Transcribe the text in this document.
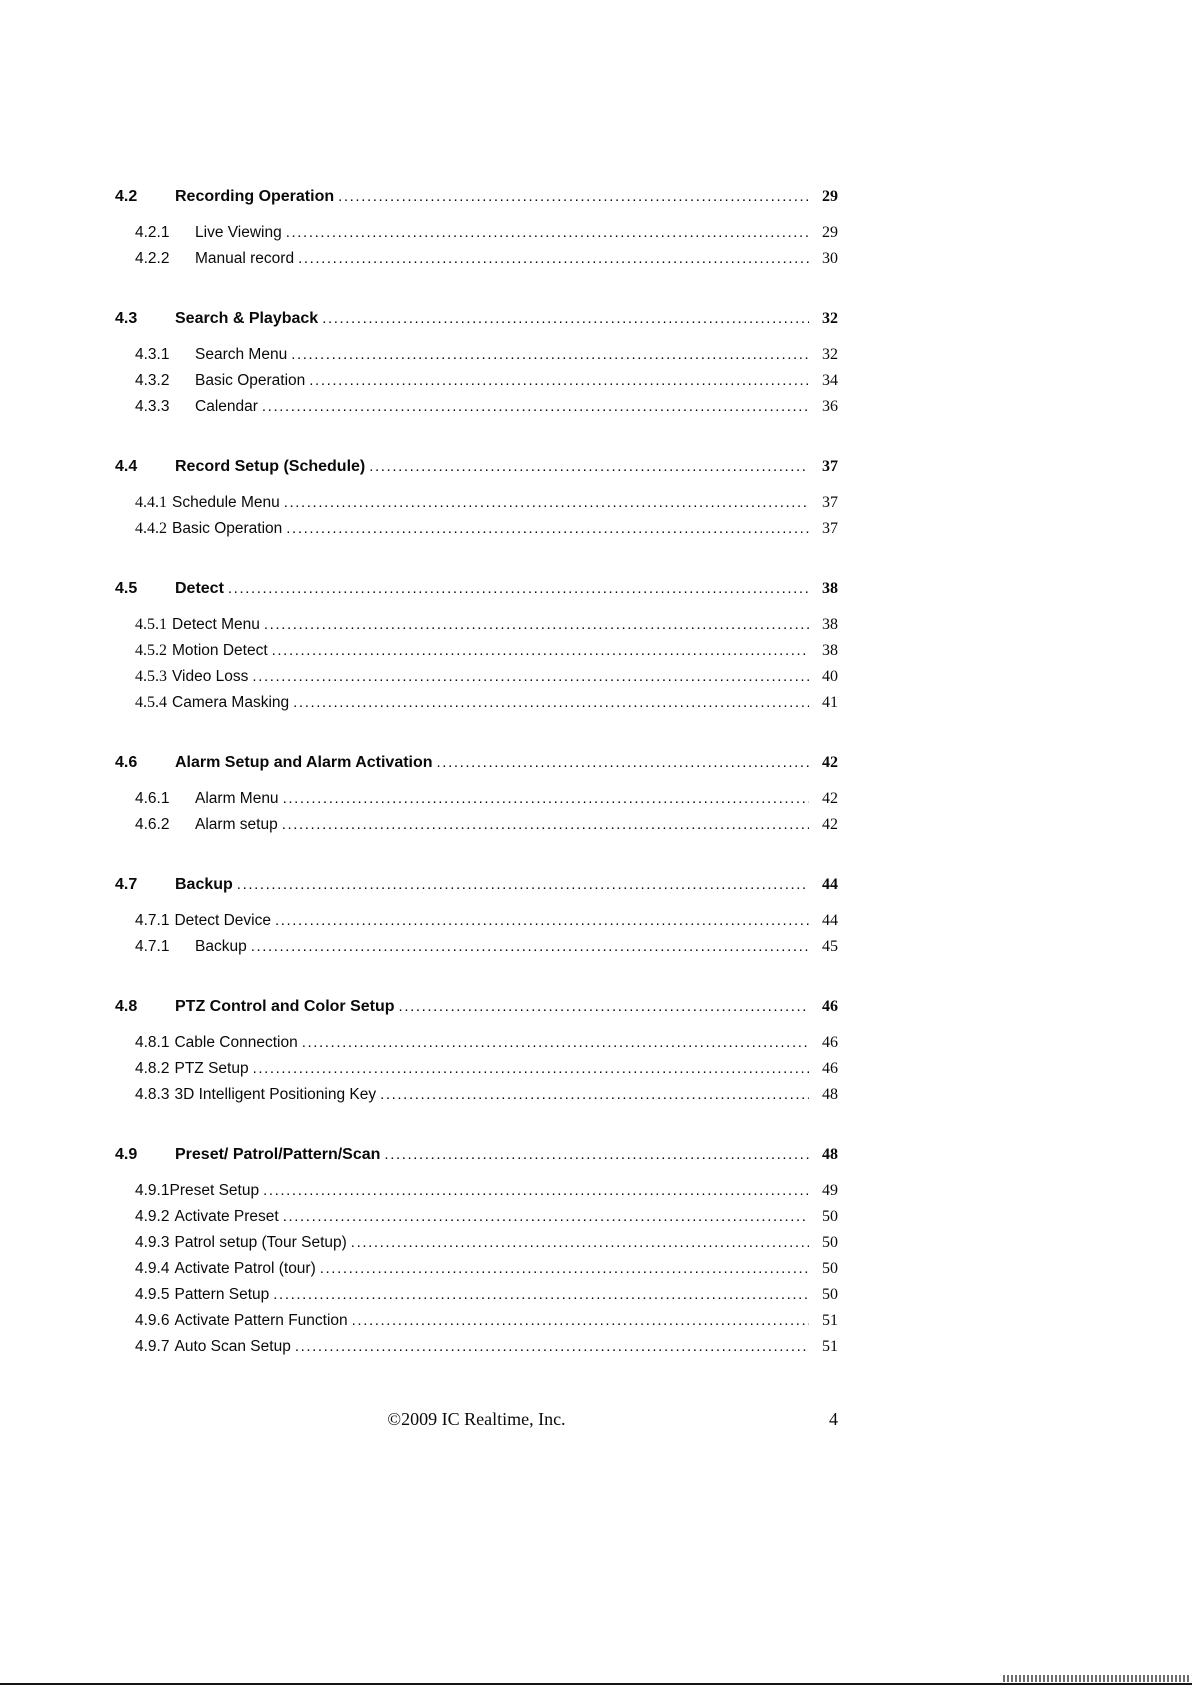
4.2	Recording Operation .....	29
4.2.1	Live Viewing .....	29
4.2.2	Manual record .....	30
4.3	Search & Playback .....	32
4.3.1	Search Menu .....	32
4.3.2	Basic Operation .....	34
4.3.3	Calendar .....	36
4.4	Record Setup (Schedule) .....	37
4.4.1 Schedule Menu .....	37
4.4.2 Basic Operation .....	37
4.5	Detect .....	38
4.5.1 Detect Menu .....	38
4.5.2 Motion Detect .....	38
4.5.3 Video Loss .....	40
4.5.4 Camera Masking .....	41
4.6	Alarm Setup and Alarm Activation .....	42
4.6.1	Alarm Menu .....	42
4.6.2	Alarm setup .....	42
4.7	Backup .....	44
4.7.1 Detect Device .....	44
4.7.1	Backup .....	45
4.8	PTZ Control and Color Setup .....	46
4.8.1 Cable Connection .....	46
4.8.2 PTZ Setup .....	46
4.8.3 3D Intelligent Positioning Key .....	48
4.9	Preset/ Patrol/Pattern/Scan .....	48
4.9.1 Preset Setup .....	49
4.9.2 Activate Preset .....	50
4.9.3 Patrol setup (Tour Setup) .....	50
4.9.4 Activate Patrol (tour) .....	50
4.9.5 Pattern Setup .....	50
4.9.6 Activate Pattern Function .....	51
4.9.7 Auto Scan Setup .....	51
©2009 IC Realtime, Inc.	4
